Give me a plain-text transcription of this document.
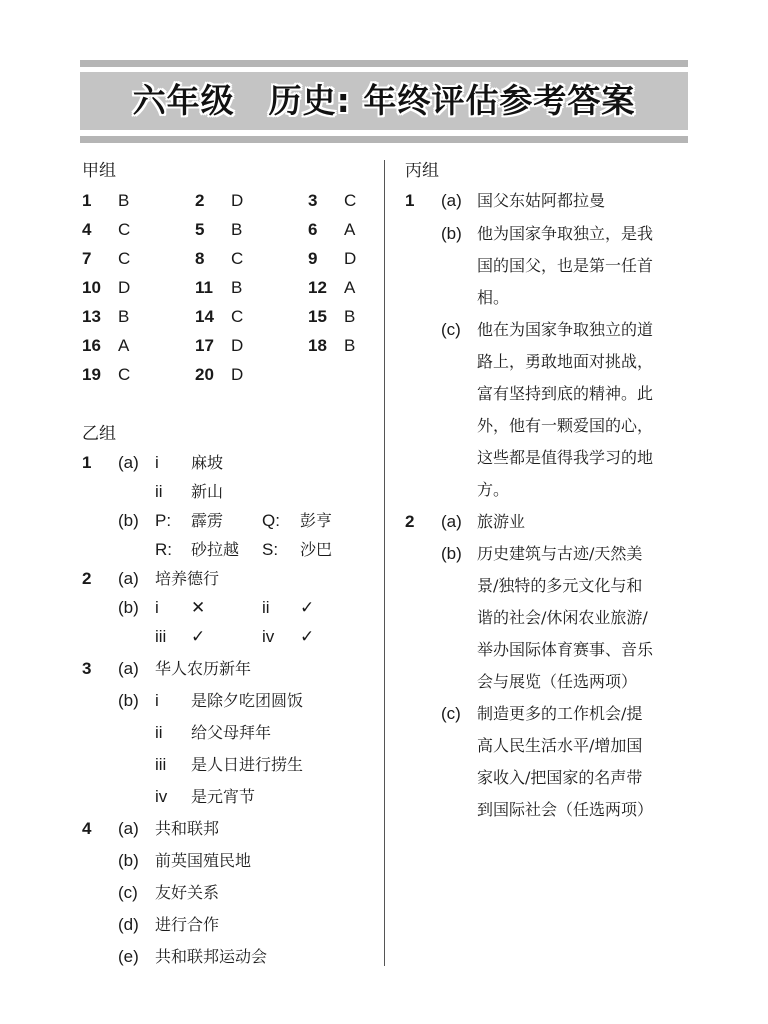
六年级　历史: 年终评估参考答案
甲组
1 B	2 D	3 C
4 C	5 B	6 A
7 C	8 C	9 D
10 D	11 B	12 A
13 B	14 C	15 B
16 A	17 D	18 B
19 C	20 D
乙组
1 (a) i 麻坡
ii 新山
(b) P: 霹雳 Q: 彭亨
R: 砂拉越 S: 沙巴
2 (a) 培养德行
(b) i ✕	ii ✓
iii ✓	iv ✓
3 (a) 华人农历新年
(b) i 是除夕吃团圆饭
ii 给父母拜年
iii 是人日进行捞生
iv 是元宵节
4 (a) 共和联邦
(b) 前英国殖民地
(c) 友好关系
(d) 进行合作
(e) 共和联邦运动会
丙组
1 (a) 国父东姑阿都拉曼
(b) 他为国家争取独立，是我
国的国父，也是第一任首
相。
(c) 他在为国家争取独立的道
路上，勇敢地面对挑战，
富有坚持到底的精神。此
外，他有一颗爱国的心，
这些都是值得我学习的地
方。
2 (a) 旅游业
(b) 历史建筑与古迹/天然美
景/独特的多元文化与和
谐的社会/休闲农业旅游/
举办国际体育赛事、音乐
会与展览（任选两项）
(c) 制造更多的工作机会/提
高人民生活水平/增加国
家收入/把国家的名声带
到国际社会（任选两项）
